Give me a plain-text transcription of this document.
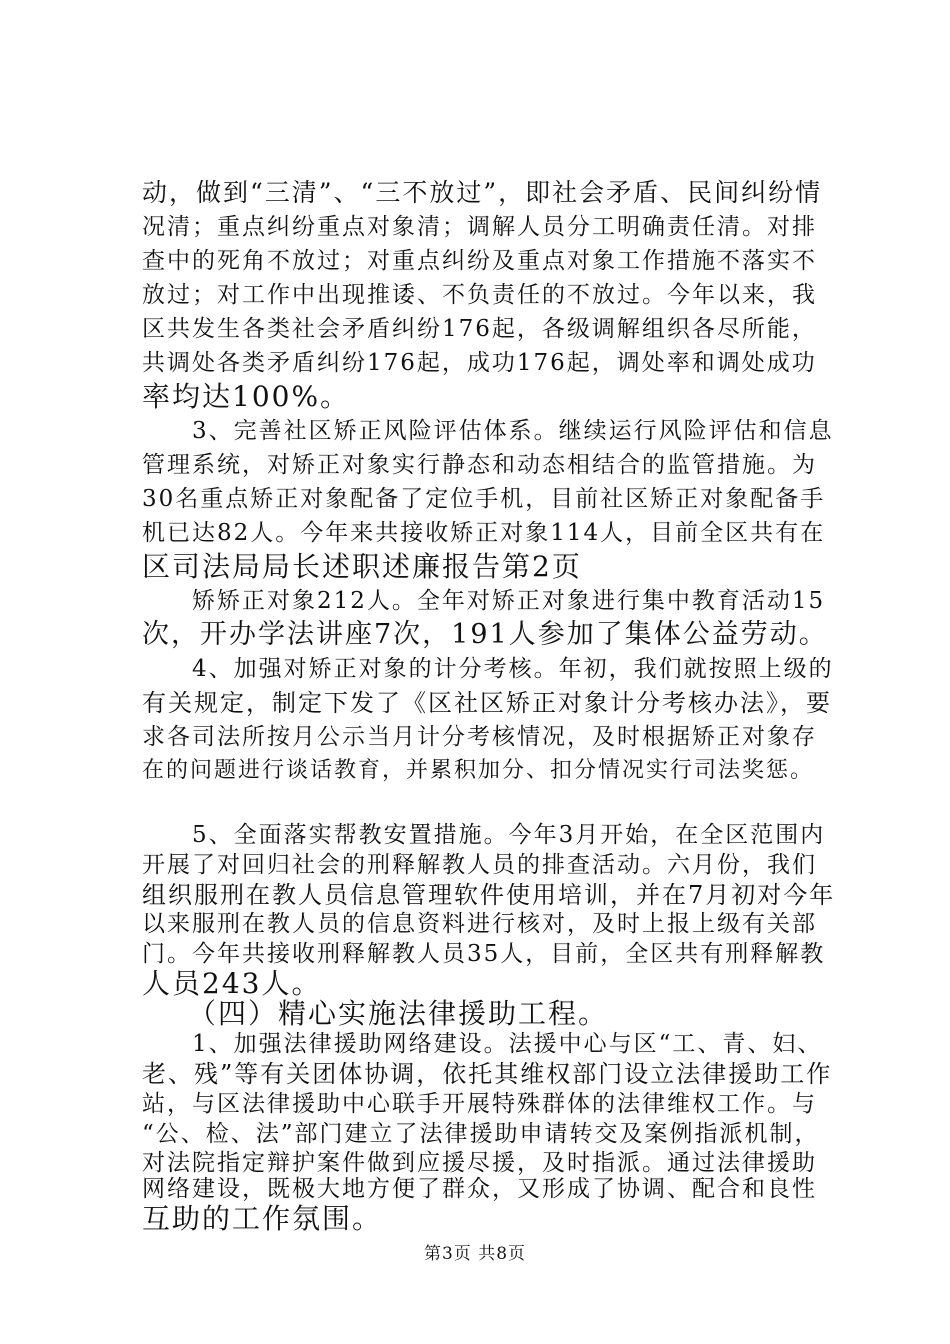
动，做到“三清”、“三不放过”，即社会矛盾、民间纠纷情
况清；重点纠纷重点对象清；调解人员分工明确责任清。对排
查中的死角不放过；对重点纠纷及重点对象工作措施不落实不
放过；对工作中出现推诿、不负责任的不放过。今年以来，我
区共发生各类社会矛盾纠纷176起，各级调解组织各尽所能，
共调处各类矛盾纠纷176起，成功176起，调处率和调处成功
率均达100%。
　　3、完善社区矫正风险评估体系。继续运行风险评估和信息
管理系统，对矫正对象实行静态和动态相结合的监管措施。为
30名重点矫正对象配备了定位手机，目前社区矫正对象配备手
机已达82人。今年来共接收矫正对象114人，目前全区共有在
区司法局局长述职述廉报告第2页
　　矫矫正对象212人。全年对矫正对象进行集中教育活动15
次，开办学法讲座7次，191人参加了集体公益劳动。
　　4、加强对矫正对象的计分考核。年初，我们就按照上级的
有关规定，制定下发了《区社区矫正对象计分考核办法》，要
求各司法所按月公示当月计分考核情况，及时根据矫正对象存
在的问题进行谈话教育，并累积加分、扣分情况实行司法奖惩。
　　5、全面落实帮教安置措施。今年3月开始，在全区范围内
开展了对回归社会的刑释解教人员的排查活动。六月份，我们
组织服刑在教人员信息管理软件使用培训，并在7月初对今年
以来服刑在教人员的信息资料进行核对，及时上报上级有关部
门。今年共接收刑释解教人员35人，目前，全区共有刑释解教
人员243人。
　　（四）精心实施法律援助工程。
　　1、加强法律援助网络建设。法援中心与区“工、青、妇、
老、残”等有关团体协调，依托其维权部门设立法律援助工作
站，与区法律援助中心联手开展特殊群体的法律维权工作。与
“公、检、法”部门建立了法律援助申请转交及案例指派机制，
对法院指定辩护案件做到应援尽援，及时指派。通过法律援助
网络建设，既极大地方便了群众，又形成了协调、配合和良性
互助的工作氛围。
第3页 共8页
